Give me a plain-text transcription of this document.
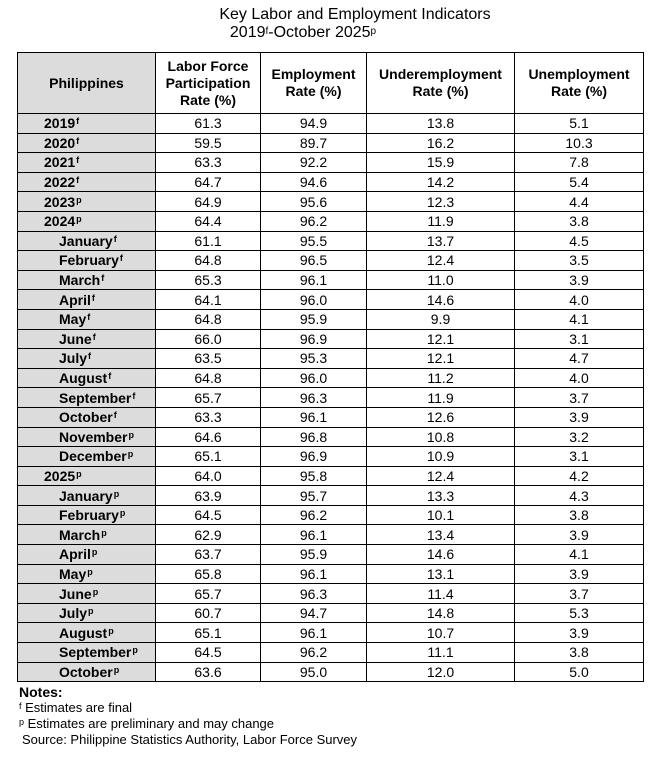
Key Labor and Employment Indicators
2019$^f$-October 2025$^p$
Philippines	Labor Force Participation Rate (%)	Employment Rate (%)	Underemployment Rate (%)	Unemployment Rate (%)
2019$^f$	61.3	94.9	13.8	5.1
2020$^f$	59.5	89.7	16.2	10.3
2021$^f$	63.3	92.2	15.9	7.8
2022$^f$	64.7	94.6	14.2	5.4
2023$^p$	64.9	95.6	12.3	4.4
2024$^p$	64.4	96.2	11.9	3.8
January$^f$	61.1	95.5	13.7	4.5
February$^f$	64.8	96.5	12.4	3.5
March$^f$	65.3	96.1	11.0	3.9
April$^f$	64.1	96.0	14.6	4.0
May$^f$	64.8	95.9	9.9	4.1
June$^f$	66.0	96.9	12.1	3.1
July$^f$	63.5	95.3	12.1	4.7
August$^f$	64.8	96.0	11.2	4.0
September$^f$	65.7	96.3	11.9	3.7
October$^f$	63.3	96.1	12.6	3.9
November$^p$	64.6	96.8	10.8	3.2
December$^p$	65.1	96.9	10.9	3.1
2025$^p$	64.0	95.8	12.4	4.2
January$^p$	63.9	95.7	13.3	4.3
February$^p$	64.5	96.2	10.1	3.8
March$^p$	62.9	96.1	13.4	3.9
April$^p$	63.7	95.9	14.6	4.1
May$^p$	65.8	96.1	13.1	3.9
June$^p$	65.7	96.3	11.4	3.7
July$^p$	60.7	94.7	14.8	5.3
August$^p$	65.1	96.1	10.7	3.9
September$^p$	64.5	96.2	11.1	3.8
October$^p$	63.6	95.0	12.0	5.0
Notes:
$^f$ Estimates are final
$^p$ Estimates are preliminary and may change
Source: Philippine Statistics Authority, Labor Force Survey
